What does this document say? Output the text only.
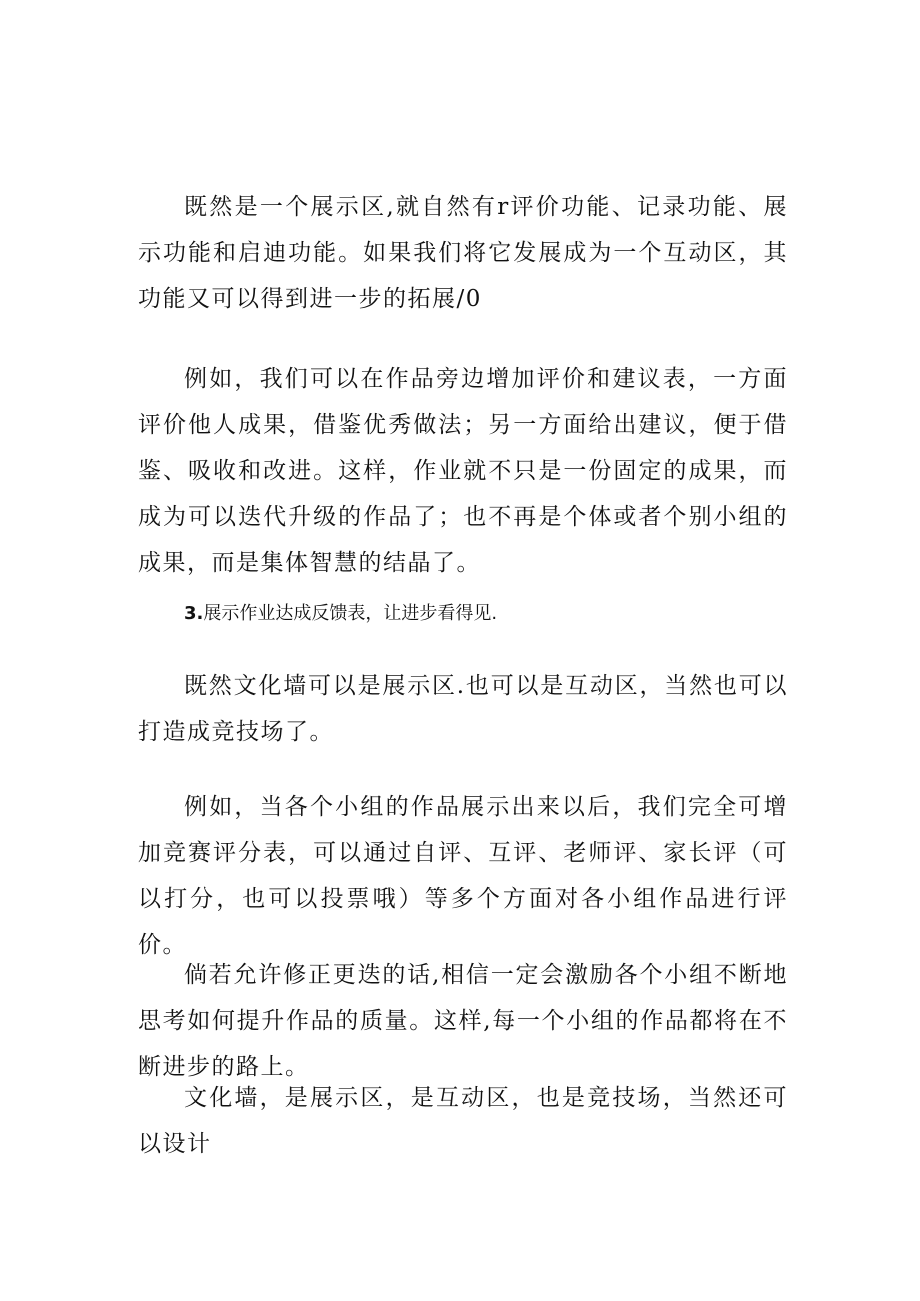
既然是一个展示区,就自然有r评价功能、记录功能、展示功能和启迪功能。如果我们将它发展成为一个互动区，其功能又可以得到进一步的拓展/0

例如，我们可以在作品旁边增加评价和建议表，一方面评价他人成果，借鉴优秀做法；另一方面给出建议，便于借鉴、吸收和改进。这样，作业就不只是一份固定的成果，而成为可以迭代升级的作品了；也不再是个体或者个别小组的成果，而是集体智慧的结晶了。

3.展示作业达成反馈表，让进步看得见.

既然文化墙可以是展示区.也可以是互动区，当然也可以打造成竞技场了。

例如，当各个小组的作品展示出来以后，我们完全可增加竞赛评分表，可以通过自评、互评、老师评、家长评（可以打分，也可以投票哦）等多个方面对各小组作品进行评价。

倘若允许修正更迭的话,相信一定会激励各个小组不断地思考如何提升作品的质量。这样,每一个小组的作品都将在不断进步的路上。

文化墙，是展示区，是互动区，也是竞技场，当然还可以设计
